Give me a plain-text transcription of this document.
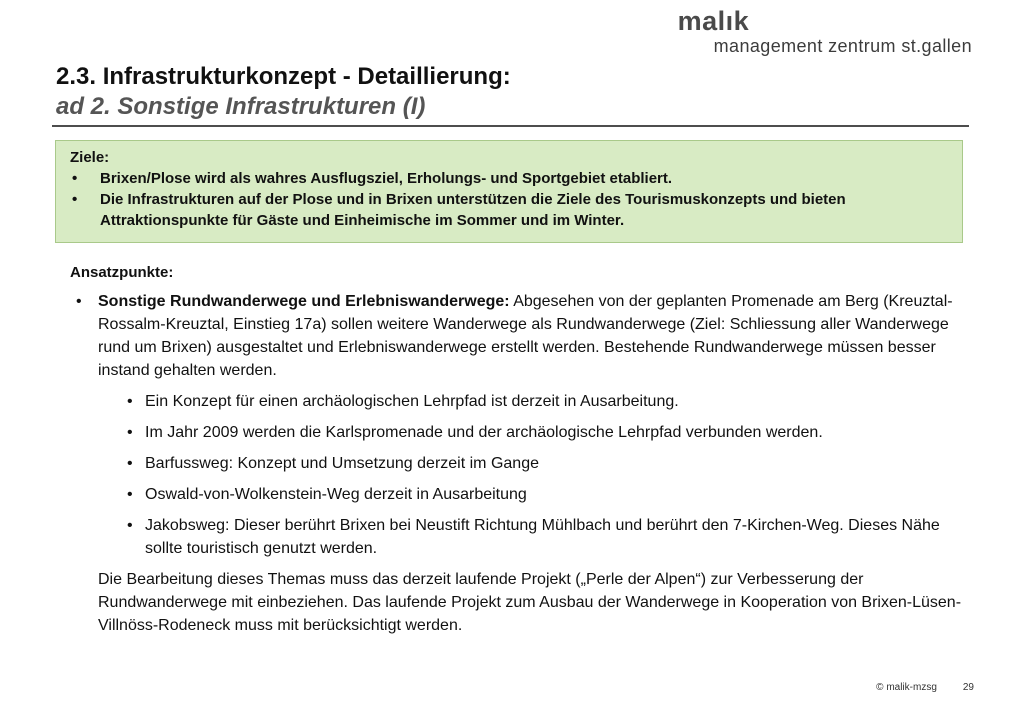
malık
management zentrum st.gallen
2.3. Infrastrukturkonzept - Detaillierung:
ad 2. Sonstige Infrastrukturen (I)
Ziele:
• Brixen/Plose wird als wahres Ausflugsziel, Erholungs- und Sportgebiet etabliert.
• Die Infrastrukturen auf der Plose und in Brixen unterstützen die Ziele des Tourismuskonzepts und bieten Attraktionspunkte für Gäste und Einheimische im Sommer und im Winter.
Ansatzpunkte:
• Sonstige Rundwanderwege und Erlebniswanderwege: Abgesehen von der geplanten Promenade am Berg (Kreuztal-Rossalm-Kreuztal, Einstieg 17a) sollen weitere Wanderwege als Rundwanderwege (Ziel: Schliessung aller Wanderwege rund um Brixen) ausgestaltet und Erlebniswanderwege erstellt werden. Bestehende Rundwanderwege müssen besser instand gehalten werden.
• Ein Konzept für einen archäologischen Lehrpfad ist derzeit in Ausarbeitung.
• Im Jahr 2009 werden die Karlspromenade und der archäologische Lehrpfad verbunden werden.
• Barfussweg: Konzept und Umsetzung derzeit im Gange
• Oswald-von-Wolkenstein-Weg derzeit in Ausarbeitung
• Jakobsweg: Dieser berührt Brixen bei Neustift Richtung Mühlbach und berührt den 7-Kirchen-Weg. Dieses Nähe sollte touristisch genutzt werden.

Die Bearbeitung dieses Themas muss das derzeit laufende Projekt („Perle der Alpen“) zur Verbesserung der Rundwanderwege mit einbeziehen. Das laufende Projekt zum Ausbau der Wanderwege in Kooperation von Brixen-Lüsen-Villnöss-Rodeneck muss mit berücksichtigt werden.

© malik-mzsg	29
